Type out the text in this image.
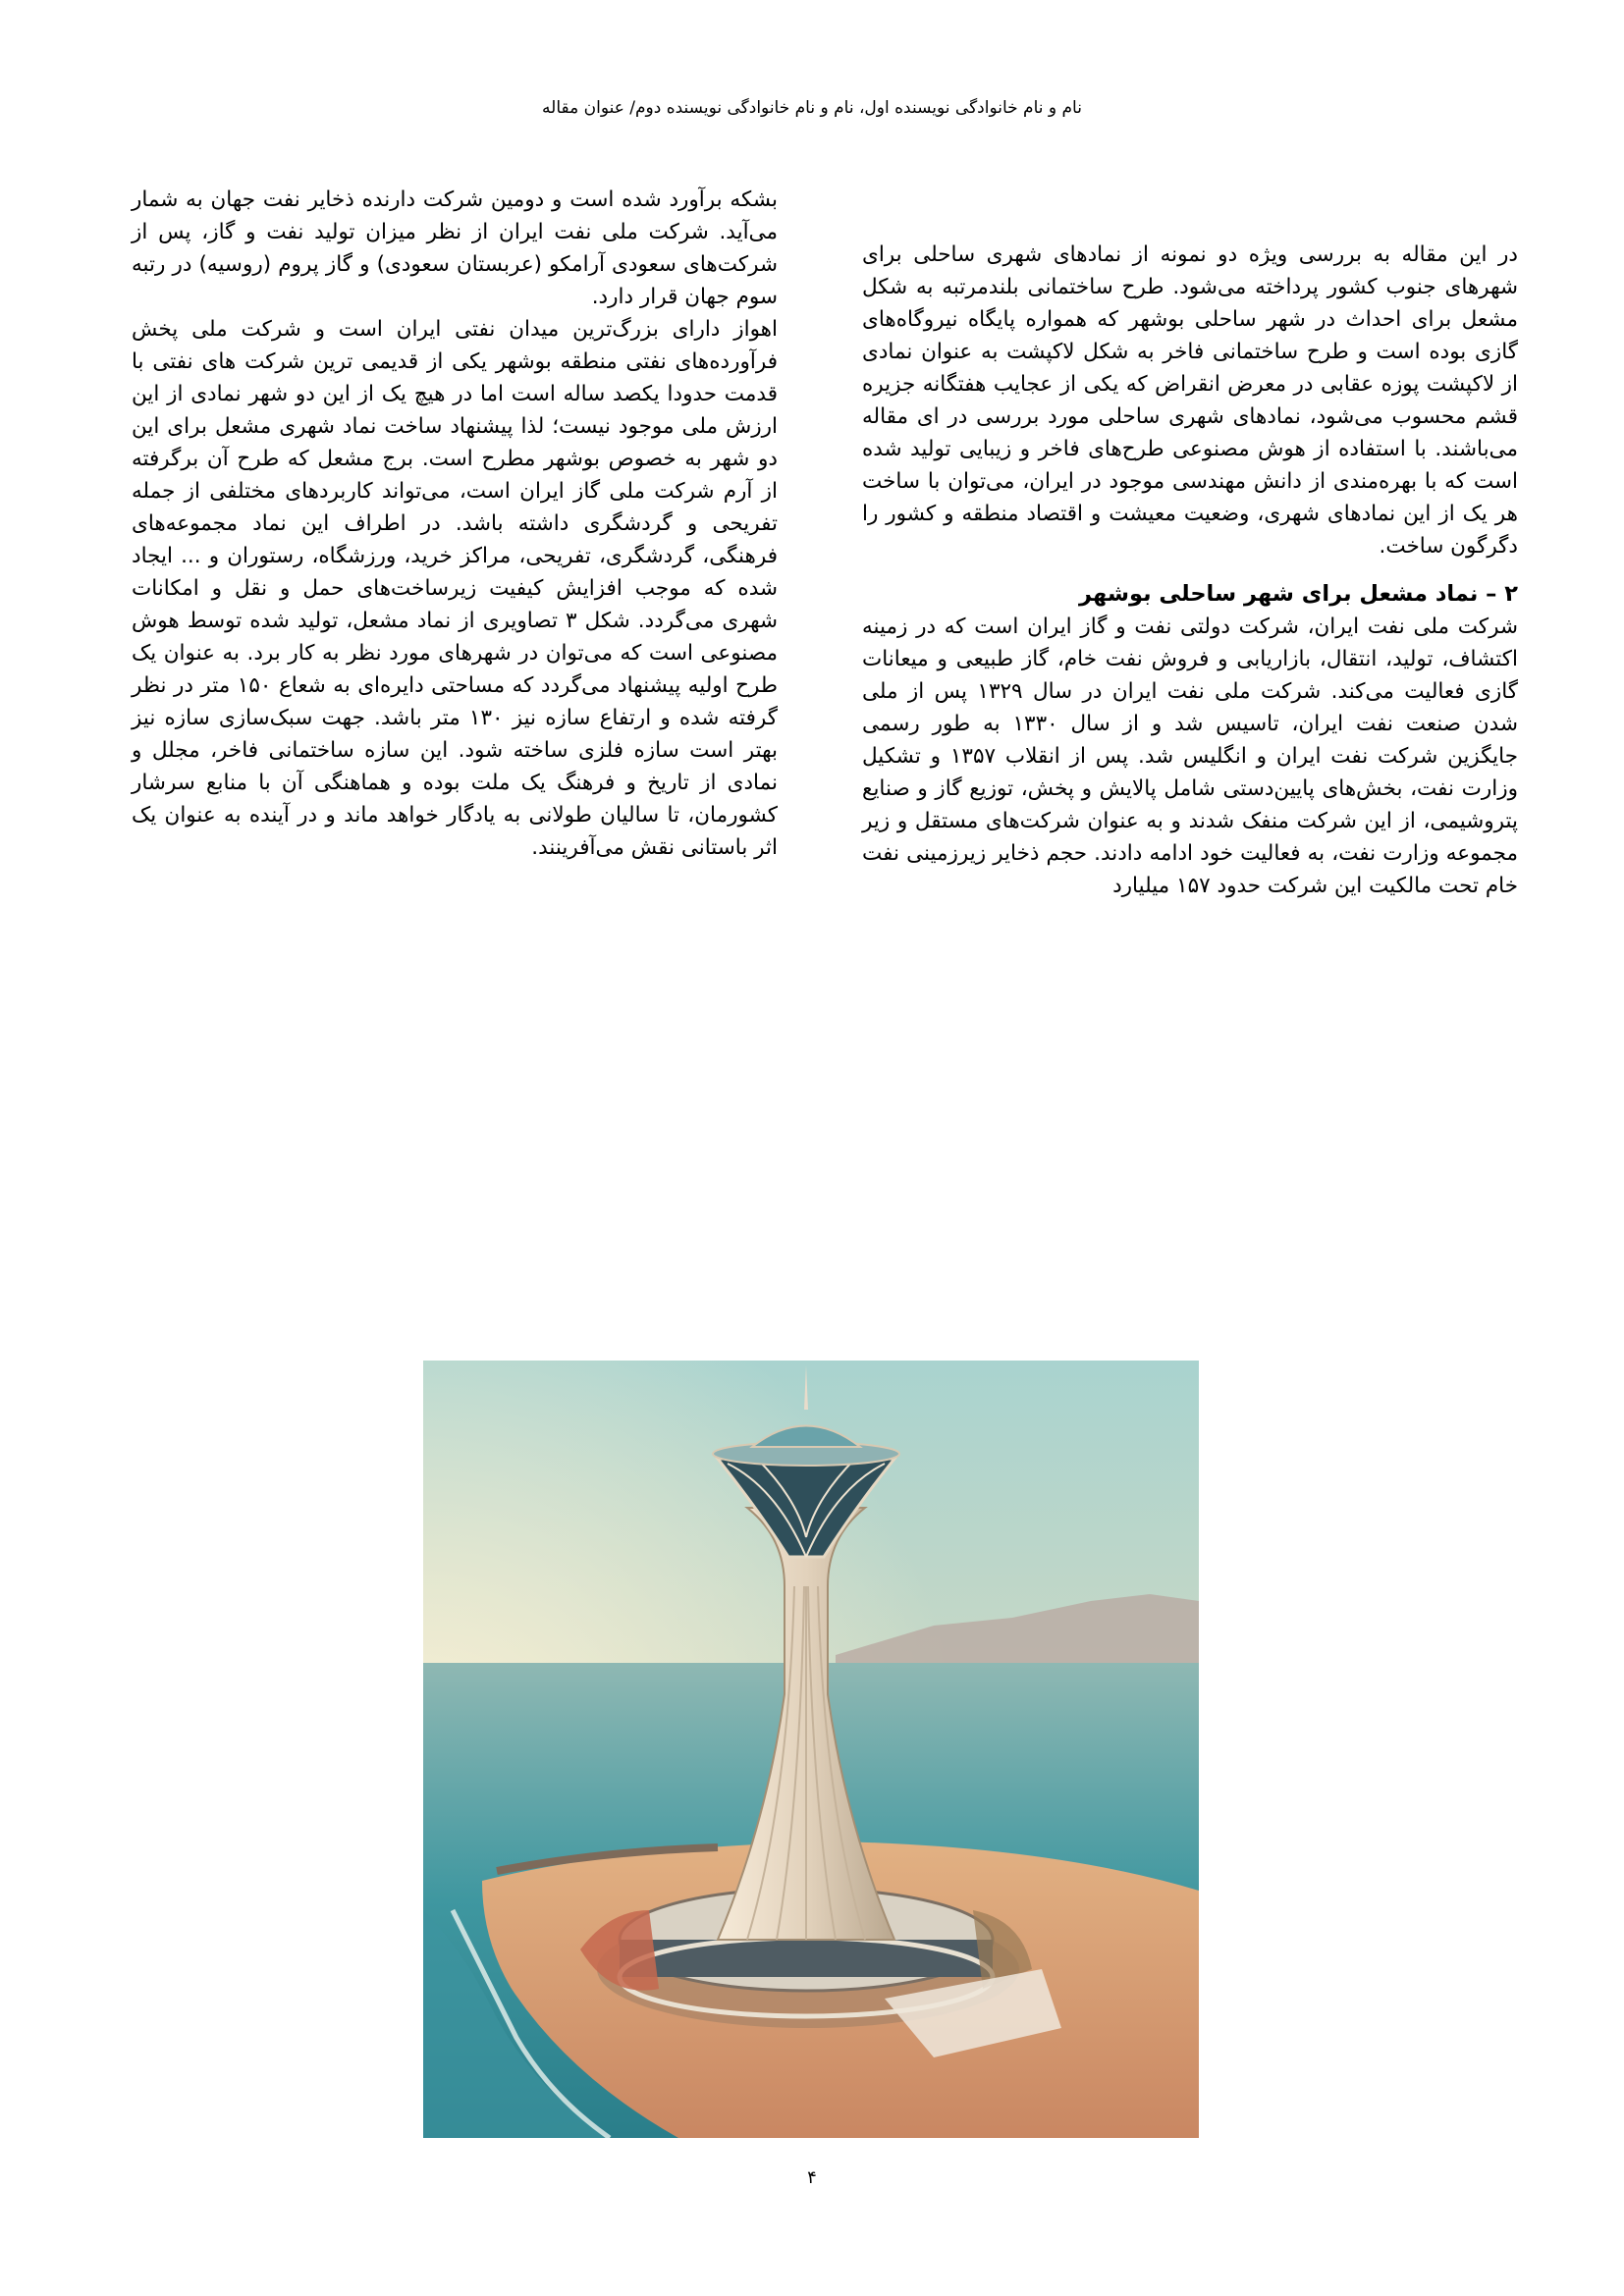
نام و نام خانوادگی نویسنده اول، نام و نام خانوادگی نویسنده دوم/ عنوان مقاله

در این مقاله به بررسی ویژه دو نمونه از نمادهای شهری ساحلی برای شهرهای جنوب کشور پرداخته می‌شود. طرح ساختمانی بلندمرتبه به شکل مشعل برای احداث در شهر ساحلی بوشهر که همواره پایگاه نیروگاه‌های گازی بوده است و طرح ساختمانی فاخر به شکل لاکپشت به عنوان نمادی از لاکپشت پوزه عقابی در معرض انقراض که یکی از عجایب هفتگانه جزیره قشم محسوب می‌شود، نمادهای شهری ساحلی مورد بررسی در ای مقاله می‌باشند. با استفاده از هوش مصنوعی طرح‌های فاخر و زیبایی تولید شده است که با بهره‌مندی از دانش مهندسی موجود در ایران، می‌توان با ساخت هر یک از این نمادهای شهری، وضعیت معیشت و اقتصاد منطقه و کشور را دگرگون ساخت.

۲ – نماد مشعل برای شهر ساحلی بوشهر

شرکت ملی نفت ایران، شرکت دولتی نفت و گاز ایران است که در زمینه اکتشاف، تولید، انتقال، بازاریابی و فروش نفت خام، گاز طبیعی و میعانات گازی فعالیت می‌کند. شرکت ملی نفت ایران در سال ۱۳۲۹ پس از ملی شدن صنعت نفت ایران، تاسیس شد و از سال ۱۳۳۰ به طور رسمی جایگزین شرکت نفت ایران و انگلیس شد. پس از انقلاب ۱۳۵۷ و تشکیل وزارت نفت، بخش‌های پایین‌دستی شامل پالایش و پخش، توزیع گاز و صنایع پتروشیمی، از این شرکت منفک شدند و به عنوان شرکت‌های مستقل و زیر مجموعه وزارت نفت، به فعالیت خود ادامه دادند. حجم ذخایر زیرزمینی نفت خام تحت مالکیت این شرکت حدود ۱۵۷ میلیارد

بشکه برآورد شده است و دومین شرکت دارنده ذخایر نفت جهان به شمار می‌آید. شرکت ملی نفت ایران از نظر میزان تولید نفت و گاز، پس از شرکت‌های سعودی آرامکو (عربستان سعودی) و گاز پروم (روسیه) در رتبه سوم جهان قرار دارد.

اهواز دارای بزرگ‌ترین میدان نفتی ایران است و شرکت ملی پخش فرآورده‌های نفتی منطقه بوشهر یکی از قدیمی ترین شرکت های نفتی با قدمت حدودا یکصد ساله است اما در هیچ یک از این دو شهر نمادی از این ارزش ملی موجود نیست؛ لذا پیشنهاد ساخت نماد شهری مشعل برای این دو شهر به خصوص بوشهر مطرح است. برج مشعل که طرح آن برگرفته از آرم شرکت ملی گاز ایران است، می‌تواند کاربردهای مختلفی از جمله تفریحی و گردشگری داشته باشد. در اطراف این نماد مجموعه‌های فرهنگی، گردشگری، تفریحی، مراکز خرید، ورزشگاه، رستوران و ... ایجاد شده که موجب افزایش کیفیت زیرساخت‌های حمل و نقل و امکانات شهری می‌گردد. شکل ۳ تصاویری از نماد مشعل، تولید شده توسط هوش مصنوعی است که می‌توان در شهرهای مورد نظر به کار برد. به عنوان یک طرح اولیه پیشنهاد می‌گردد که مساحتی دایره‌ای به شعاع ۱۵۰ متر در نظر گرفته شده و ارتفاع سازه نیز ۱۳۰ متر باشد. جهت سبک‌سازی سازه نیز بهتر است سازه فلزی ساخته شود. این سازه ساختمانی فاخر، مجلل و نمادی از تاریخ و فرهنگ یک ملت بوده و هماهنگی آن با منابع سرشار کشورمان، تا سالیان طولانی به یادگار خواهد ماند و در آینده به عنوان یک اثر باستانی نقش می‌آفرینند.

۴
